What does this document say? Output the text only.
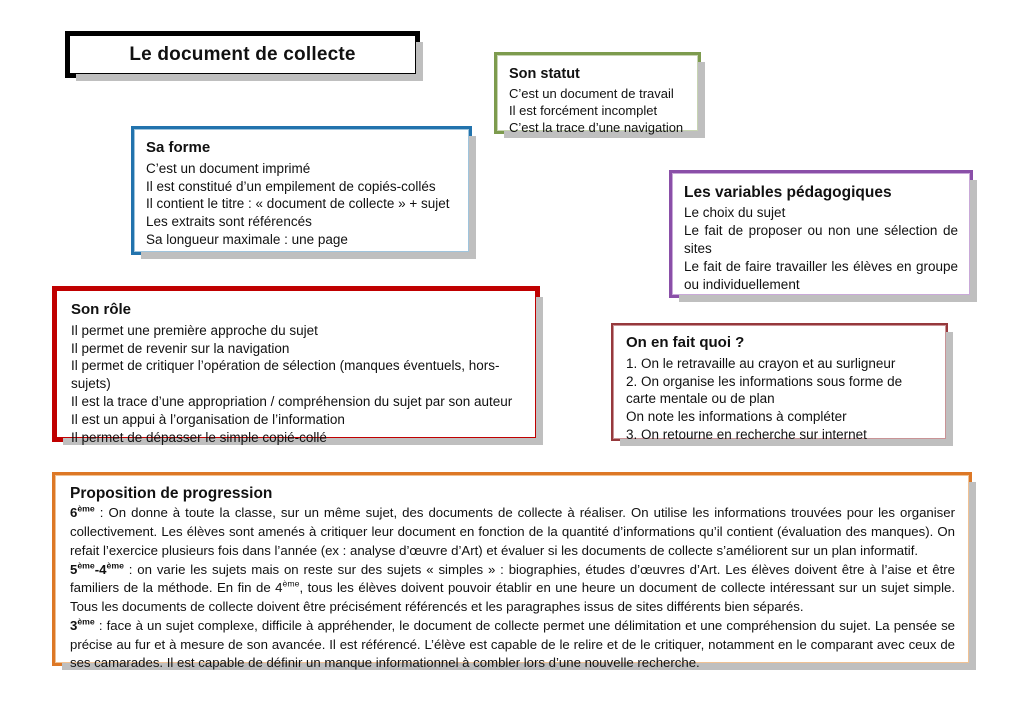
Le document de collecte

Son statut

C’est un document de travail

Il est forcément incomplet

C’est la trace d’une navigation

Sa forme

C’est un document imprimé

Il est constitué d’un empilement de copiés-collés

Il contient le titre : « document de collecte » + sujet

Les extraits sont référencés

Sa longueur maximale : une page

Les variables pédagogiques

Le choix du sujet

Le fait de proposer ou non une sélection de sites

Le fait de faire travailler les élèves en groupe ou individuellement

Son rôle

Il permet une première approche du sujet

Il permet de revenir sur la navigation

Il permet de critiquer l’opération de sélection (manques éventuels, hors-sujets)

Il est la trace d’une appropriation / compréhension du sujet par son auteur

Il est un appui à l’organisation de l’information

Il permet de dépasser le simple copié-collé

On en fait quoi ?

1. On le retravaille au crayon et au surligneur

2. On organise les informations sous forme de carte mentale ou de plan

On note les informations à compléter

3. On retourne en recherche sur internet

Proposition de progression

6ème : On donne à toute la classe, sur un même sujet, des documents de collecte à réaliser. On utilise les informations trouvées pour les organiser collectivement. Les élèves sont amenés à critiquer leur document en fonction de la quantité d’informations qu’il contient (évaluation des manques). On refait l’exercice plusieurs fois dans l’année (ex : analyse d’œuvre d’Art) et évaluer si les documents de collecte s’améliorent sur un plan informatif.

5ème-4ème : on varie les sujets mais on reste sur des sujets « simples » : biographies, études d’œuvres d’Art. Les élèves doivent être à l’aise et être familiers de la méthode. En fin de 4ème, tous les élèves doivent pouvoir établir en une heure un document de collecte intéressant sur un sujet simple. Tous les documents de collecte doivent être précisément référencés et les paragraphes issus de sites différents bien séparés.

3ème : face à un sujet complexe, difficile à appréhender, le document de collecte permet une délimitation et une compréhension du sujet. La pensée se précise au fur et à mesure de son avancée. Il est référencé. L’élève est capable de le relire et de le critiquer, notamment en le comparant avec ceux de ses camarades. Il est capable de définir un manque informationnel à combler lors d’une nouvelle recherche.
